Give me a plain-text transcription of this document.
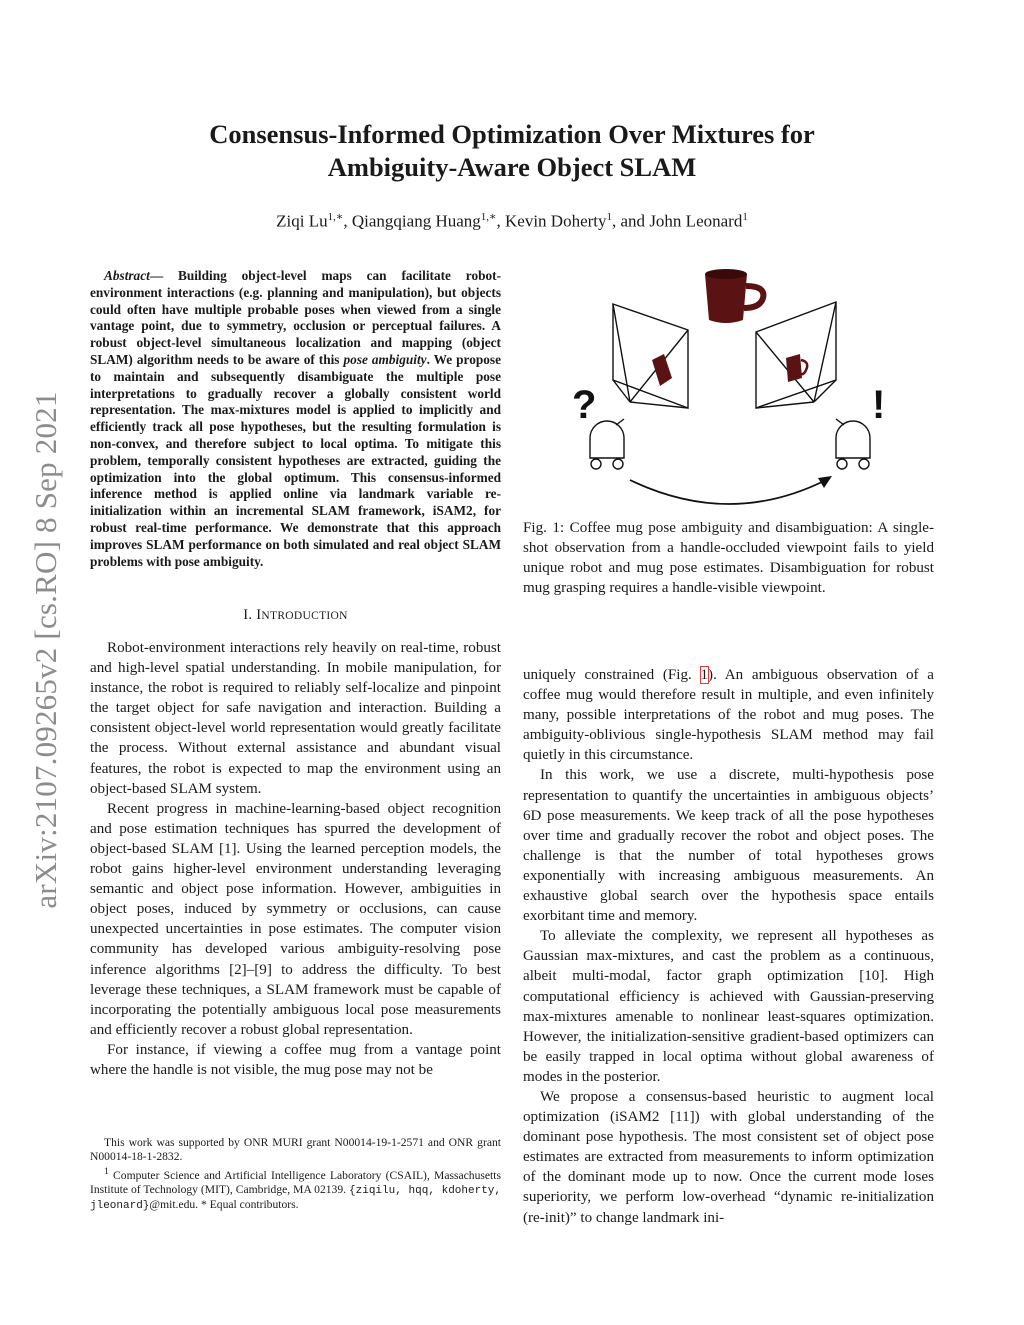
arXiv:2107.09265v2 [cs.RO] 8 Sep 2021
Consensus-Informed Optimization Over Mixtures for
Ambiguity-Aware Object SLAM
Ziqi $Lu^{1,∗}$, Qiangqiang Huang$^{1,∗}$, Kevin Doherty$^1$, and John Leonard$^1$
Abstract— Building object-level maps can facilitate robot-environment interactions (e.g. planning and manipulation), but objects could often have multiple probable poses when viewed from a single vantage point, due to symmetry, occlusion or perceptual failures. A robust object-level simultaneous localization and mapping (object SLAM) algorithm needs to be aware of this pose ambiguity. We propose to maintain and subsequently disambiguate the multiple pose interpretations to gradually recover a globally consistent world representation. The max-mixtures model is applied to implicitly and efficiently track all pose hypotheses, but the resulting formulation is non-convex, and therefore subject to local optima. To mitigate this problem, temporally consistent hypotheses are extracted, guiding the optimization into the global optimum. This consensus-informed inference method is applied online via landmark variable re-initialization within an incremental SLAM framework, iSAM2, for robust real-time performance. We demonstrate that this approach improves SLAM performance on both simulated and real object SLAM problems with pose ambiguity.
I. INTRODUCTION

Robot-environment interactions rely heavily on real-time, robust and high-level spatial understanding. In mobile manipulation, for instance, the robot is required to reliably self-localize and pinpoint the target object for safe navigation and interaction. Building a consistent object-level world representation would greatly facilitate the process. Without external assistance and abundant visual features, the robot is expected to map the environment using an object-based SLAM system.

Recent progress in machine-learning-based object recognition and pose estimation techniques has spurred the development of object-based SLAM [1]. Using the learned perception models, the robot gains higher-level environment understanding leveraging semantic and object pose information. However, ambiguities in object poses, induced by symmetry or occlusions, can cause unexpected uncertainties in pose estimates. The computer vision community has developed various ambiguity-resolving pose inference algorithms [2]–[9] to address the difficulty. To best leverage these techniques, a SLAM framework must be capable of incorporating the potentially ambiguous local pose measurements and efficiently recover a robust global representation.

For instance, if viewing a coffee mug from a vantage point where the handle is not visible, the mug pose may not be

This work was supported by ONR MURI grant N00014-19-1-2571 and ONR grant N00014-18-1-2832.

$^1$ Computer Science and Artificial Intelligence Laboratory (CSAIL), Massachusetts Institute of Technology (MIT), Cambridge, MA 02139. {ziqilu, hqq, kdoherty, jleonard}@mit.edu. * Equal contributors.

?	!
Fig. 1: Coffee mug pose ambiguity and disambiguation: A single-shot observation from a handle-occluded viewpoint fails to yield unique robot and mug pose estimates. Disambiguation for robust mug grasping requires a handle-visible viewpoint.

uniquely constrained (Fig. 1). An ambiguous observation of a coffee mug would therefore result in multiple, and even infinitely many, possible interpretations of the robot and mug poses. The ambiguity-oblivious single-hypothesis SLAM method may fail quietly in this circumstance.

In this work, we use a discrete, multi-hypothesis pose representation to quantify the uncertainties in ambiguous objects’ 6D pose measurements. We keep track of all the pose hypotheses over time and gradually recover the robot and object poses. The challenge is that the number of total hypotheses grows exponentially with increasing ambiguous measurements. An exhaustive global search over the hypothesis space entails exorbitant time and memory.

To alleviate the complexity, we represent all hypotheses as Gaussian max-mixtures, and cast the problem as a continuous, albeit multi-modal, factor graph optimization [10]. High computational efficiency is achieved with Gaussian-preserving max-mixtures amenable to nonlinear least-squares optimization. However, the initialization-sensitive gradient-based optimizers can be easily trapped in local optima without global awareness of modes in the posterior.

We propose a consensus-based heuristic to augment local optimization (iSAM2 [11]) with global understanding of the dominant pose hypothesis. The most consistent set of object pose estimates are extracted from measurements to inform optimization of the dominant mode up to now. Once the current mode loses superiority, we perform low-overhead “dynamic re-initialization (re-init)” to change landmark ini-
